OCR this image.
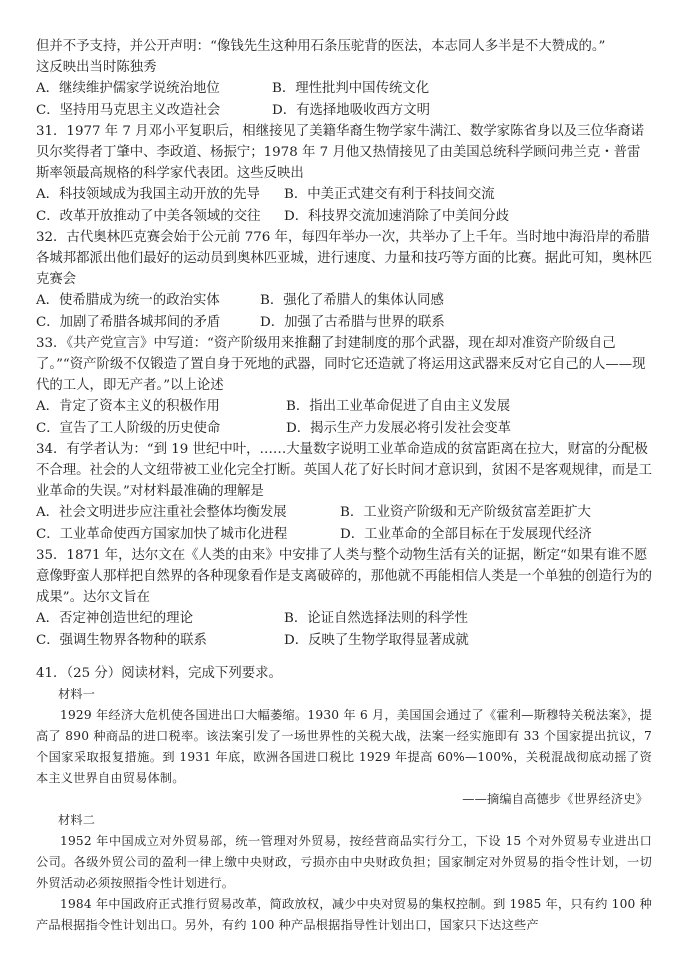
但并不予支持，并公开声明：“像钱先生这种用石条压驼背的医法，本志同人多半是不大赞成的。”
这反映出当时陈独秀
A．继续维护儒家学说统治地位	B．理性批判中国传统文化
C．坚持用马克思主义改造社会	D．有选择地吸收西方文明
31．1977 年 7 月邓小平复职后，相继接见了美籍华裔生物学家牛满江、数学家陈省身以及三位华裔诺贝尔奖得者丁肇中、李政道、杨振宁；1978 年 7 月他又热情接见了由美国总统科学顾问弗兰克・普雷斯率领最高规格的科学家代表团。这些反映出
A．科技领域成为我国主动开放的先导	B．中美正式建交有利于科技间交流
C．改革开放推动了中美各领域的交往	D．科技界交流加速消除了中美间分歧
32．古代奥林匹克赛会始于公元前 776 年，每四年举办一次，共举办了上千年。当时地中海沿岸的希腊各城邦都派出他们最好的运动员到奥林匹亚城，进行速度、力量和技巧等方面的比赛。据此可知，奥林匹克赛会
A．使希腊成为统一的政治实体	B．强化了希腊人的集体认同感
C．加剧了希腊各城邦间的矛盾	D．加强了古希腊与世界的联系
33．《共产党宣言》中写道：“资产阶级用来推翻了封建制度的那个武器，现在却对准资产阶级自己了。”“资产阶级不仅锻造了置自身于死地的武器，同时它还造就了将运用这武器来反对它自己的人——现代的工人，即无产者。”以上论述
A．肯定了资本主义的积极作用	B．指出工业革命促进了自由主义发展
C．宣告了工人阶级的历史使命	D．揭示生产力发展必将引发社会变革
34．有学者认为：“到 19 世纪中叶，……大量数字说明工业革命造成的贫富距离在拉大，财富的分配极不合理。社会的人文纽带被工业化完全打断。英国人花了好长时间才意识到，贫困不是客观规律，而是工业革命的失误。”对材料最准确的理解是
A．社会文明进步应注重社会整体均衡发展	B．工业资产阶级和无产阶级贫富差距扩大
C．工业革命使西方国家加快了城市化进程	D．工业革命的全部目标在于发展现代经济
35．1871 年，达尔文在《人类的由来》中安排了人类与整个动物生活有关的证据，断定“如果有谁不愿意像野蛮人那样把自然界的各种现象看作是支离破碎的，那他就不再能相信人类是一个单独的创造行为的成果”。达尔文旨在
A．否定神创造世纪的理论	B．论证自然选择法则的科学性
C．强调生物界各物种的联系	D．反映了生物学取得显著成就
41．（25 分）阅读材料，完成下列要求。
材料一
1929 年经济大危机使各国进出口大幅萎缩。1930 年 6 月，美国国会通过了《霍利—斯穆特关税法案》，提高了 890 种商品的进口税率。该法案引发了一场世界性的关税大战，法案一经实施即有 33 个国家提出抗议，7 个国家采取报复措施。到 1931 年底，欧洲各国进口税比 1929 年提高 60%—100%，关税混战彻底动摇了资本主义世界自由贸易体制。
——摘编自高德步《世界经济史》
材料二
1952 年中国成立对外贸易部，统一管理对外贸易，按经营商品实行分工，下设 15 个对外贸易专业进出口公司。各级外贸公司的盈利一律上缴中央财政，亏损亦由中央财政负担；国家制定对外贸易的指令性计划，一切外贸活动必须按照指令性计划进行。
1984 年中国政府正式推行贸易改革，简政放权，减少中央对贸易的集权控制。到 1985 年，只有约 100 种产品根据指令性计划出口。另外，有约 100 种产品根据指导性计划出口，国家只下达这些产
